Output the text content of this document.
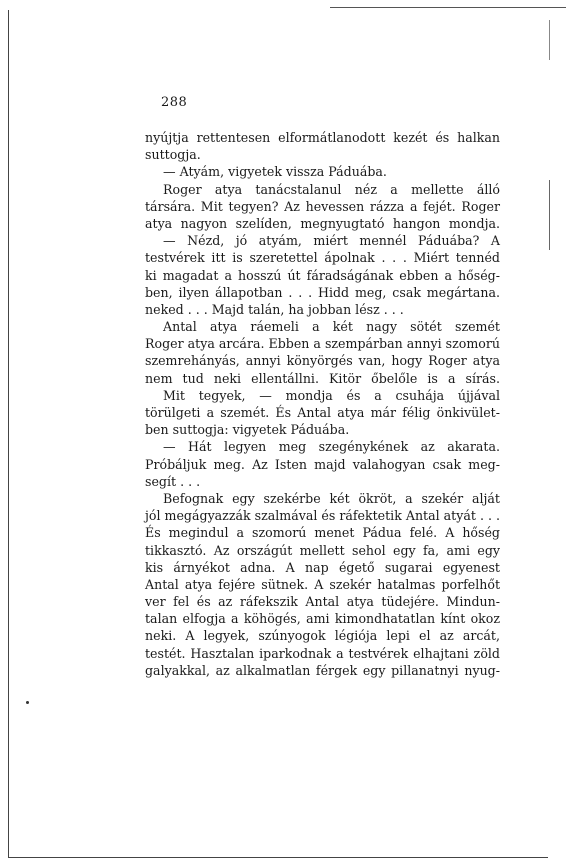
288
nyújtja rettentesen elformátlanodott kezét és halkan
suttogja.
— Atyám, vigyetek vissza Páduába.
Roger atya tanácstalanul néz a mellette álló
társára. Mit tegyen? Az hevessen rázza a fejét. Roger
atya nagyon szelíden, megnyugtató hangon mondja.
— Nézd, jó atyám, miért mennél Páduába? A
testvérek itt is szeretettel ápolnak . . . Miért tennéd
ki magadat a hosszú út fáradságának ebben a hőség-
ben, ilyen állapotban . . . Hidd meg, csak megártana.
neked . . . Majd talán, ha jobban lész . . .
Antal atya ráemeli a két nagy sötét szemét
Roger atya arcára. Ebben a szempárban annyi szomorú
szemrehányás, annyi könyörgés van, hogy Roger atya
nem tud neki ellentállni. Kitör őbelőle is a sírás.
Mit tegyek, — mondja és a csuhája újjával
törülgeti a szemét. És Antal atya már félig önkivület-
ben suttogja: vigyetek Páduába.
— Hát legyen meg szegénykének az akarata.
Próbáljuk meg. Az Isten majd valahogyan csak meg-
segít . . .
Befognak egy szekérbe két ökröt, a szekér alját
jól megágyazzák szalmával és ráfektetik Antal atyát . . .
És megindul a szomorú menet Pádua felé. A hőség
tikkasztó. Az országút mellett sehol egy fa, ami egy
kis árnyékot adna. A nap égető sugarai egyenest
Antal atya fejére sütnek. A szekér hatalmas porfelhőt
ver fel és az ráfekszik Antal atya tüdejére. Mindun-
talan elfogja a köhögés, ami kimondhatatlan kínt okoz
neki. A legyek, szúnyogok légiója lepi el az arcát,
testét. Hasztalan iparkodnak a testvérek elhajtani zöld
galyakkal, az alkalmatlan férgek egy pillanatnyi nyug-
